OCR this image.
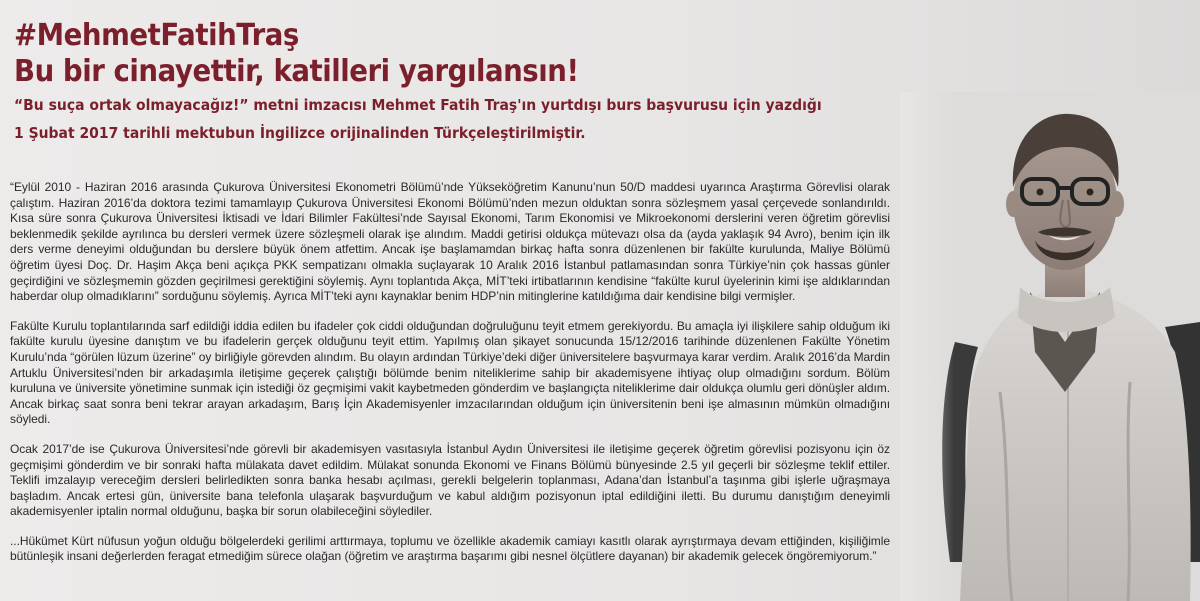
#MehmetFatihTraş
Bu bir cinayettir, katilleri yargılansın!
“Bu suça ortak olmayacağız!” metni imzacısı Mehmet Fatih Traş'ın yurtdışı burs başvurusu için yazdığı
1 Şubat 2017 tarihli mektubun İngilizce orijinalinden Türkçeleştirilmiştir.

“Eylül 2010 - Haziran 2016 arasında Çukurova Üniversitesi Ekonometri Bölümü’nde Yükseköğretim Kanunu’nun 50/D maddesi uyarınca Araştırma Görevlisi olarak çalıştım. Haziran 2016’da doktora tezimi tamamlayıp Çukurova Üniversitesi Ekonomi Bölümü’nden mezun olduktan sonra sözleşmem yasal çerçevede sonlandırıldı. Kısa süre sonra Çukurova Üniversitesi İktisadi ve İdari Bilimler Fakültesi’nde Sayısal Ekonomi, Tarım Ekonomisi ve Mikroekonomi derslerini veren öğretim görevlisi beklenmedik şekilde ayrılınca bu dersleri vermek üzere sözleşmeli olarak işe alındım. Maddi getirisi oldukça mütevazı olsa da (ayda yaklaşık 94 Avro), benim için ilk ders verme deneyimi olduğundan bu derslere büyük önem atfettim. Ancak işe başlamamdan birkaç hafta sonra düzenlenen bir fakülte kurulunda, Maliye Bölümü öğretim üyesi Doç. Dr. Haşim Akça beni açıkça PKK sempatizanı olmakla suçlayarak 10 Aralık 2016 İstanbul patlamasından sonra Türkiye’nin çok hassas günler geçirdiğini ve sözleşmemin gözden geçirilmesi gerektiğini söylemiş. Aynı toplantıda Akça, MİT’teki irtibatlarının kendisine “fakülte kurul üyelerinin kimi işe aldıklarından haberdar olup olmadıklarını” sorduğunu söylemiş. Ayrıca MİT’teki aynı kaynaklar benim HDP’nin mitinglerine katıldığıma dair kendisine bilgi vermişler.

Fakülte Kurulu toplantılarında sarf edildiği iddia edilen bu ifadeler çok ciddi olduğundan doğruluğunu teyit etmem gerekiyordu. Bu amaçla iyi ilişkilere sahip olduğum iki fakülte kurulu üyesine danıştım ve bu ifadelerin gerçek olduğunu teyit ettim. Yapılmış olan şikayet sonucunda 15/12/2016 tarihinde düzenlenen Fakülte Yönetim Kurulu’nda “görülen lüzum üzerine” oy birliğiyle görevden alındım. Bu olayın ardından Türkiye’deki diğer üniversitelere başvurmaya karar verdim. Aralık 2016’da Mardin Artuklu Üniversitesi’nden bir arkadaşımla iletişime geçerek çalıştığı bölümde benim niteliklerime sahip bir akademisyene ihtiyaç olup olmadığını sordum. Bölüm kuruluna ve üniversite yönetimine sunmak için istediği öz geçmişimi vakit kaybetmeden gönderdim ve başlangıçta niteliklerime dair oldukça olumlu geri dönüşler aldım. Ancak birkaç saat sonra beni tekrar arayan arkadaşım, Barış İçin Akademisyenler imzacılarından olduğum için üniversitenin beni işe almasının mümkün olmadığını söyledi.

Ocak 2017’de ise Çukurova Üniversitesi’nde görevli bir akademisyen vasıtasıyla İstanbul Aydın Üniversitesi ile iletişime geçerek öğretim görevlisi pozisyonu için öz geçmişimi gönderdim ve bir sonraki hafta mülakata davet edildim. Mülakat sonunda Ekonomi ve Finans Bölümü bünyesinde 2.5 yıl geçerli bir sözleşme teklif ettiler. Teklifi imzalayıp vereceğim dersleri belirledikten sonra banka hesabı açılması, gerekli belgelerin toplanması, Adana’dan İstanbul’a taşınma gibi işlerle uğraşmaya başladım. Ancak ertesi gün, üniversite bana telefonla ulaşarak başvurduğum ve kabul aldığım pozisyonun iptal edildiğini iletti. Bu durumu danıştığım deneyimli akademisyenler iptalin normal olduğunu, başka bir sorun olabileceğini söylediler.

...Hükümet Kürt nüfusun yoğun olduğu bölgelerdeki gerilimi arttırmaya, toplumu ve özellikle akademik camiayı kasıtlı olarak ayrıştırmaya devam ettiğinden, kişiliğimle bütünleşik insani değerlerden feragat etmediğim sürece olağan (öğretim ve araştırma başarımı gibi nesnel ölçütlere dayanan) bir akademik gelecek öngöremiyorum.”
